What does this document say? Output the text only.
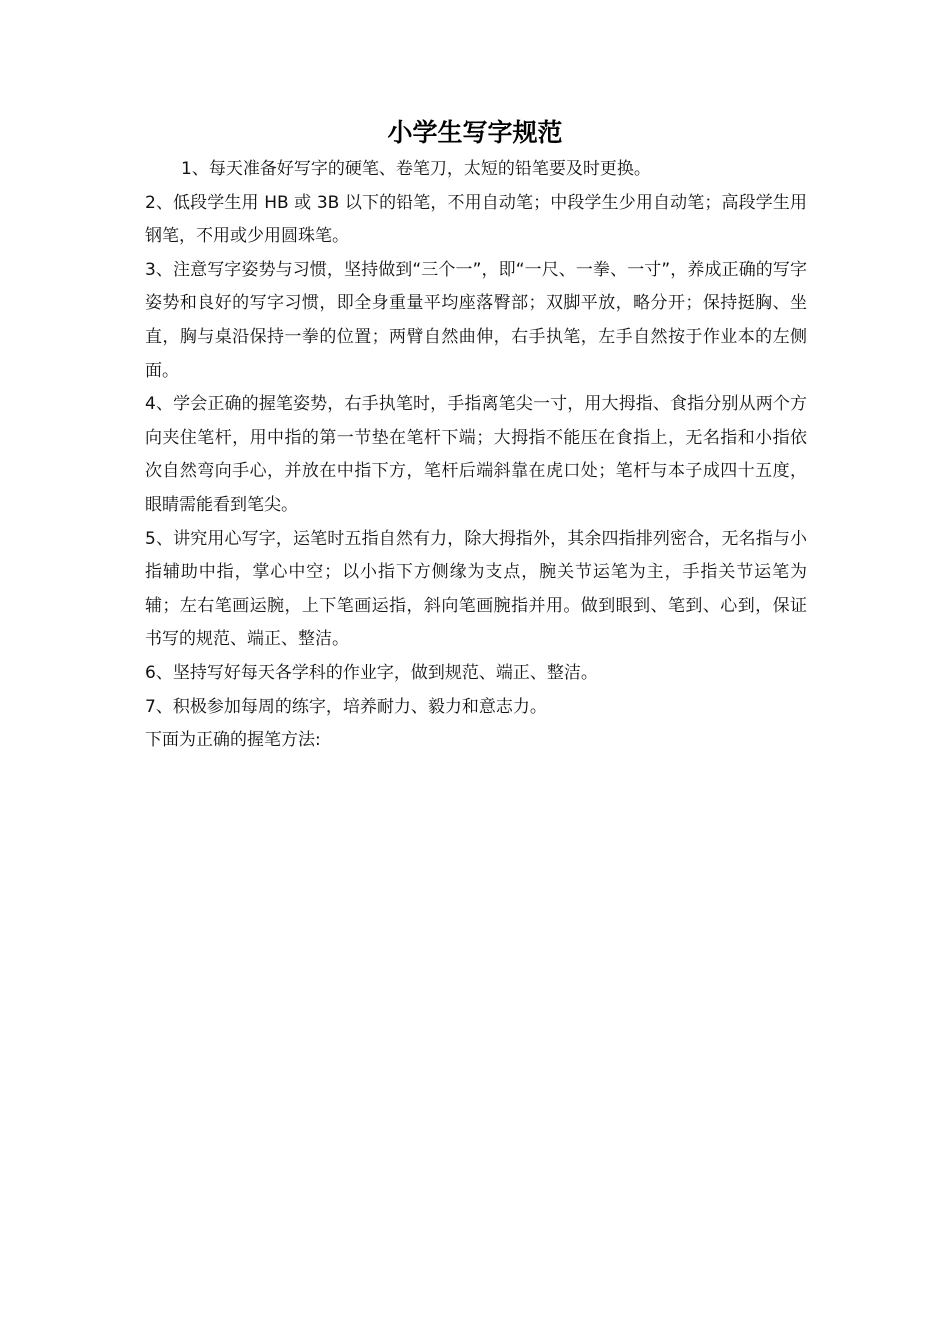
小学生写字规范

1、每天准备好写字的硬笔、卷笔刀，太短的铅笔要及时更换。

2、低段学生用 HB 或 3B 以下的铅笔，不用自动笔；中段学生少用自动笔；高段学生用钢笔，不用或少用圆珠笔。

3、注意写字姿势与习惯，坚持做到“三个一”，即“一尺、一拳、一寸”，养成正确的写字姿势和良好的写字习惯，即全身重量平均座落臀部；双脚平放，略分开；保持挺胸、坐直，胸与桌沿保持一拳的位置；两臂自然曲伸，右手执笔，左手自然按于作业本的左侧面。

4、学会正确的握笔姿势，右手执笔时，手指离笔尖一寸，用大拇指、食指分别从两个方向夹住笔杆，用中指的第一节垫在笔杆下端；大拇指不能压在食指上，无名指和小指依次自然弯向手心，并放在中指下方，笔杆后端斜靠在虎口处；笔杆与本子成四十五度，眼睛需能看到笔尖。

5、讲究用心写字，运笔时五指自然有力，除大拇指外，其余四指排列密合，无名指与小指辅助中指，掌心中空；以小指下方侧缘为支点，腕关节运笔为主，手指关节运笔为辅；左右笔画运腕，上下笔画运指，斜向笔画腕指并用。做到眼到、笔到、心到，保证书写的规范、端正、整洁。

6、坚持写好每天各学科的作业字，做到规范、端正、整洁。

7、积极参加每周的练字，培养耐力、毅力和意志力。

下面为正确的握笔方法:
